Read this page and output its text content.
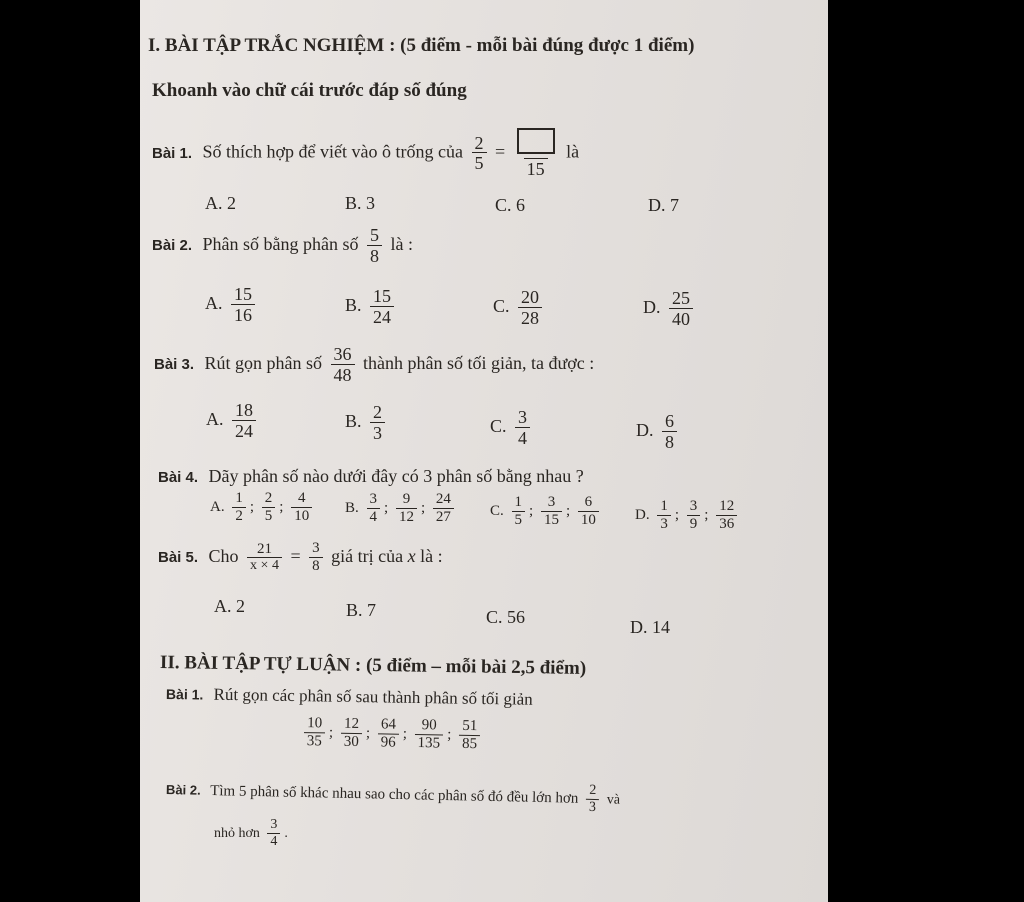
I. BÀI TẬP TRẮC NGHIỆM : (5 điểm - mỗi bài đúng được 1 điểm)
Khoanh vào chữ cái trước đáp số đúng
Bài 1. Số thích hợp để viết vào ô trống của $\frac{2}{5}$ =
15
là
A. 2	B. 3	C. 6	D. 7
Bài 2. Phân số bằng phân số $\frac{5}{8}$ là :
A. $\frac{15}{16}$	B. $\frac{15}{24}$	C. $\frac{20}{28}$	D. $\frac{25}{40}$
Bài 3. Rút gọn phân số $\frac{36}{48}$ thành phân số tối giản, ta được :
A. $\frac{18}{24}$	B. $\frac{2}{3}$	C. $\frac{3}{4}$	D. $\frac{6}{8}$
Bài 4. Dãy phân số nào dưới đây có 3 phân số bằng nhau ?
A. $\frac{1}{2}$ ; $\frac{2}{5}$ ; $\frac{4}{10} B$. $\frac{3}{4}$ ; $\frac{9}{12}$ ; $\frac{24}{27} C$. $\frac{1}{5}$ ; $\frac{3}{15}$ ; $\frac{6}{10} D$. $\frac{1}{3}$ ; $\frac{3}{9}$ ; $\frac{12}{36}$
Bài 5. Cho $\frac{21}{x \times 4} = \frac{3}{8}$ giá trị của x là :
A. 2	B. 7	C. 56	D. 14
II. BÀI TẬP TỰ LUẬN : (5 điểm – mỗi bài 2,5 điểm)
Bài 1. Rút gọn các phân số sau thành phân số tối giản
$\frac{10}{35}$ ; $\frac{12}{30}$ ; $\frac{64}{96}$ ; $\frac{90}{135}$ ; $\frac{51}{85}$
Bài 2. Tìm 5 phân số khác nhau sao cho các phân số đó đều lớn hơn $\frac{2}{3}$ và
nhỏ hơn $\frac{3}{4}$ .
